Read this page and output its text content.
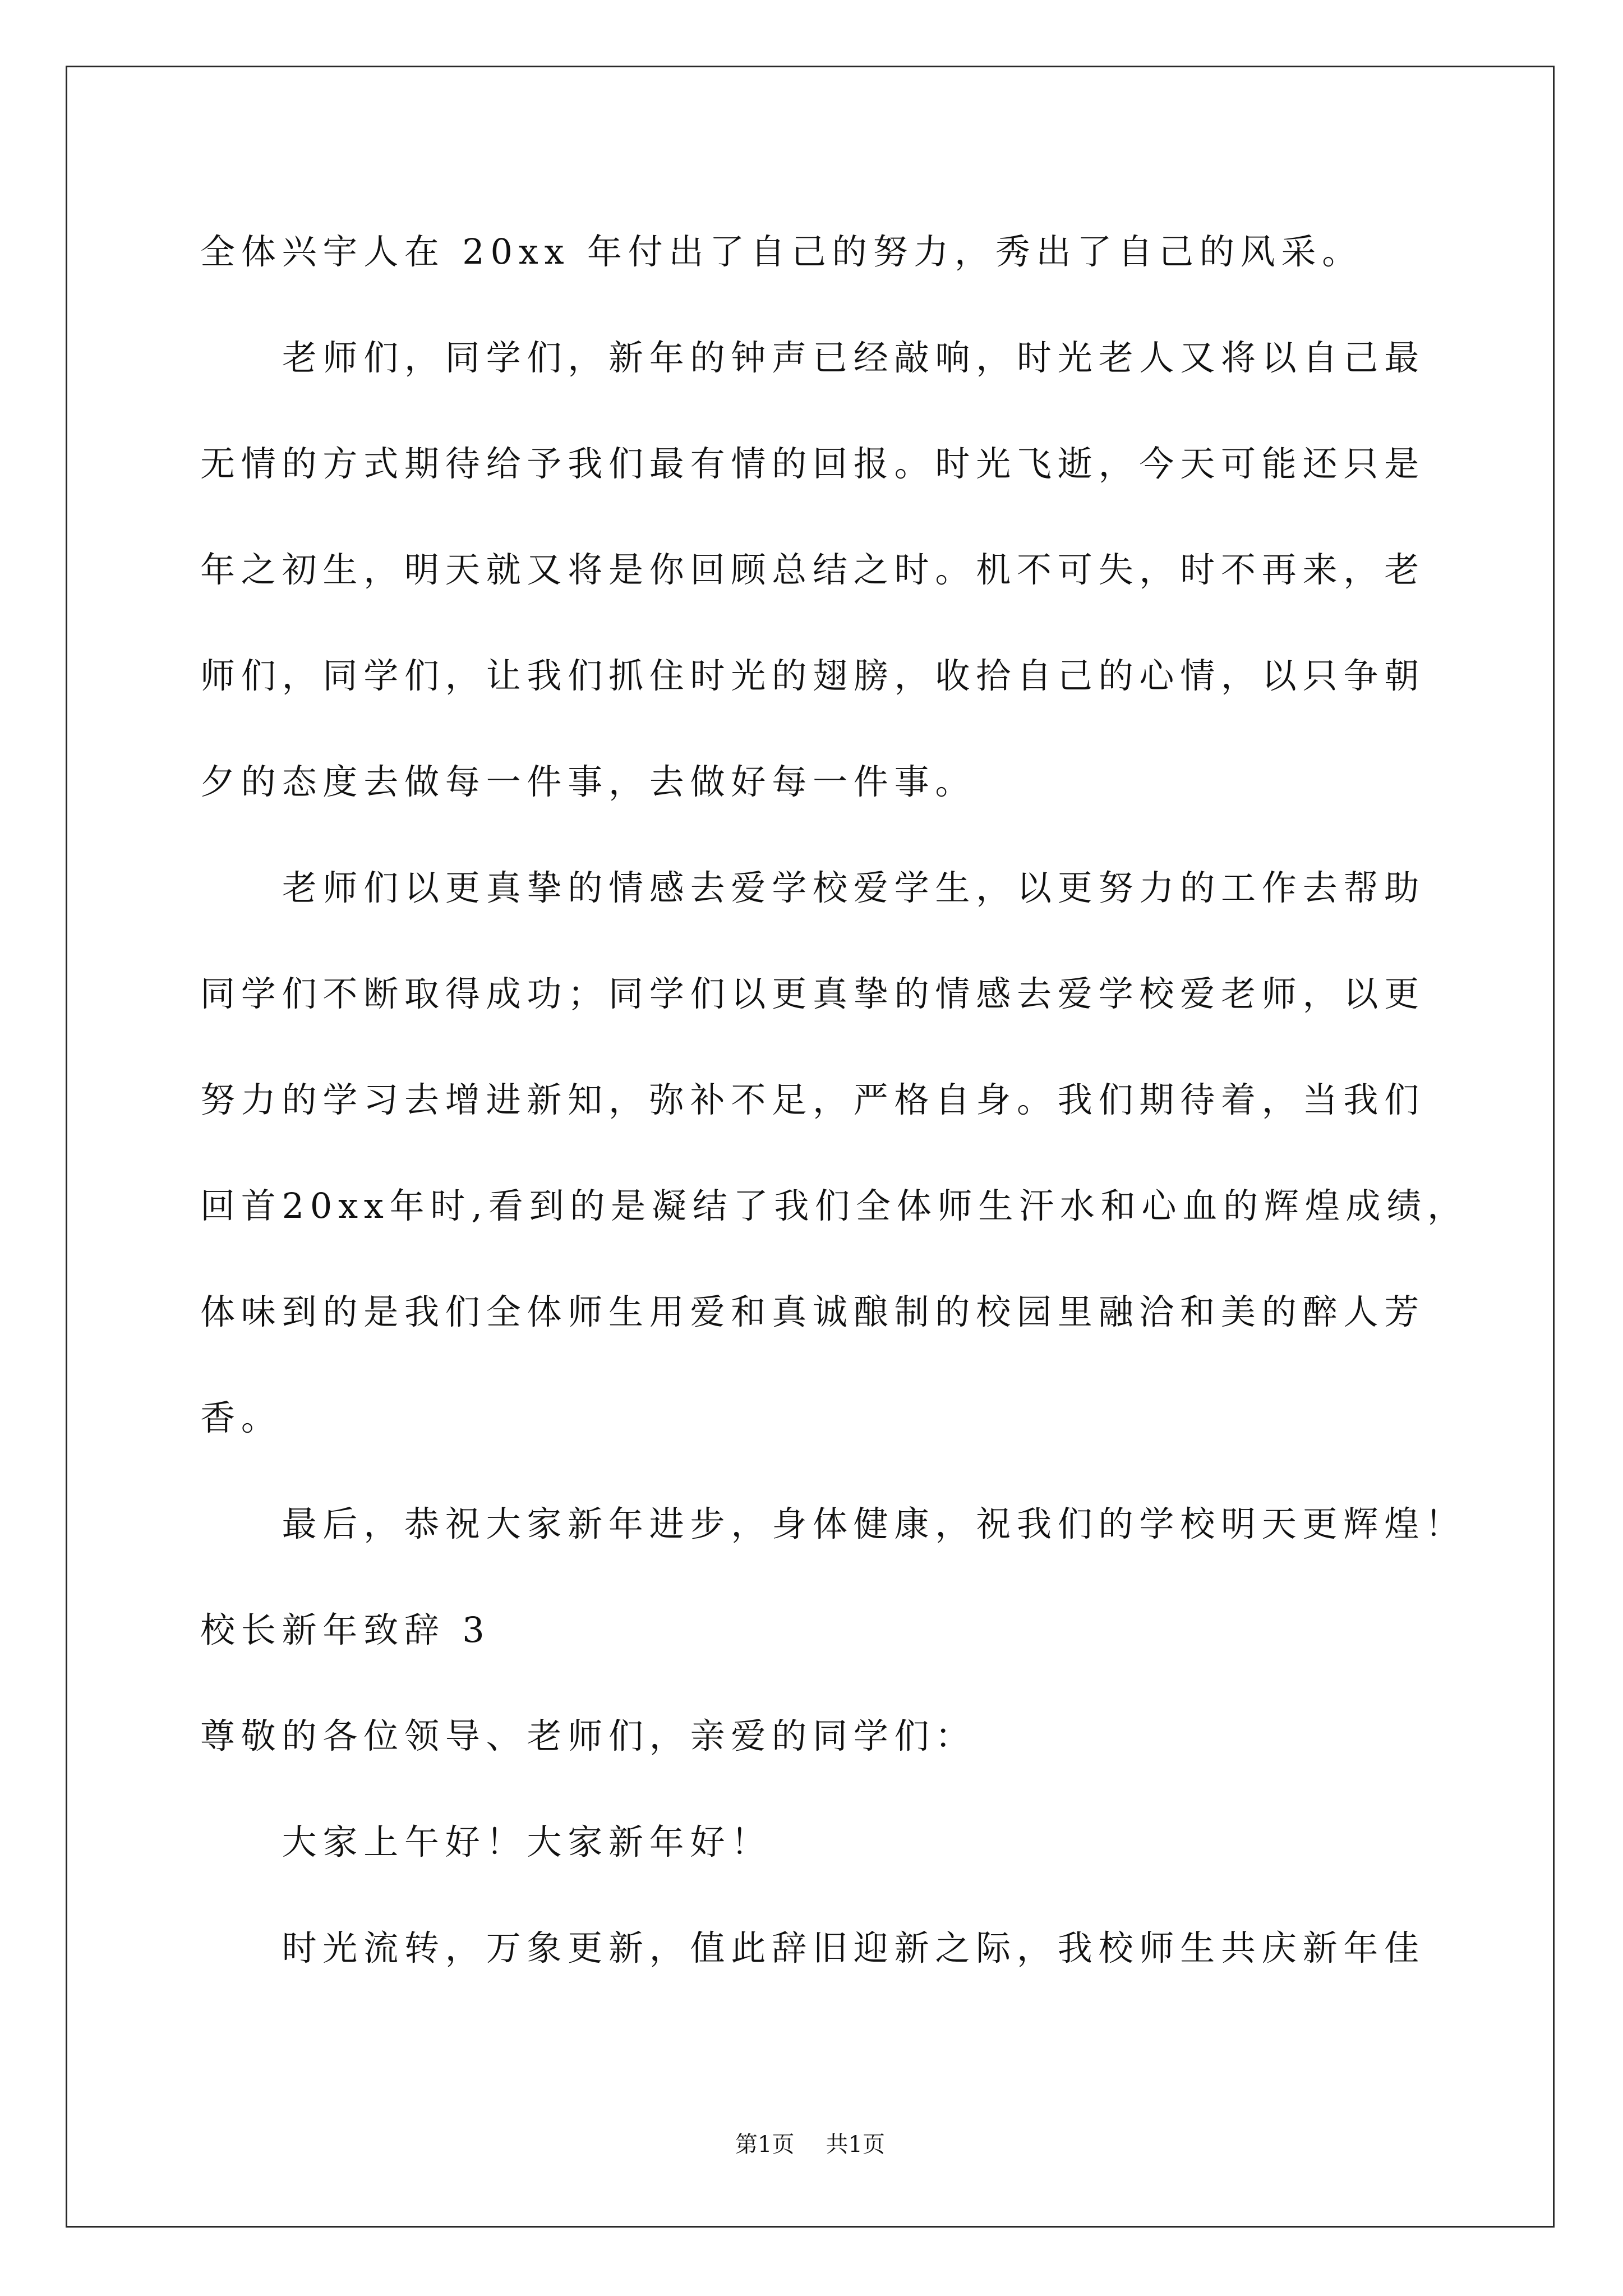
全体兴宇人在 20xx 年付出了自己的努力，秀出了自己的风采。
老师们，同学们，新年的钟声已经敲响，时光老人又将以自己最
无情的方式期待给予我们最有情的回报。时光飞逝，今天可能还只是
年之初生，明天就又将是你回顾总结之时。机不可失，时不再来，老
师们，同学们，让我们抓住时光的翅膀，收拾自己的心情，以只争朝
夕的态度去做每一件事，去做好每一件事。
老师们以更真挚的情感去爱学校爱学生，以更努力的工作去帮助
同学们不断取得成功；同学们以更真挚的情感去爱学校爱老师，以更
努力的学习去增进新知，弥补不足，严格自身。我们期待着，当我们
回首20xx年时,看到的是凝结了我们全体师生汗水和心血的辉煌成绩，
体味到的是我们全体师生用爱和真诚酿制的校园里融洽和美的醉人芳
香。
最后，恭祝大家新年进步，身体健康，祝我们的学校明天更辉煌！
校长新年致辞 3
尊敬的各位领导、老师们，亲爱的同学们：
大家上午好！大家新年好！
时光流转，万象更新，值此辞旧迎新之际，我校师生共庆新年佳
第1页 共1页
